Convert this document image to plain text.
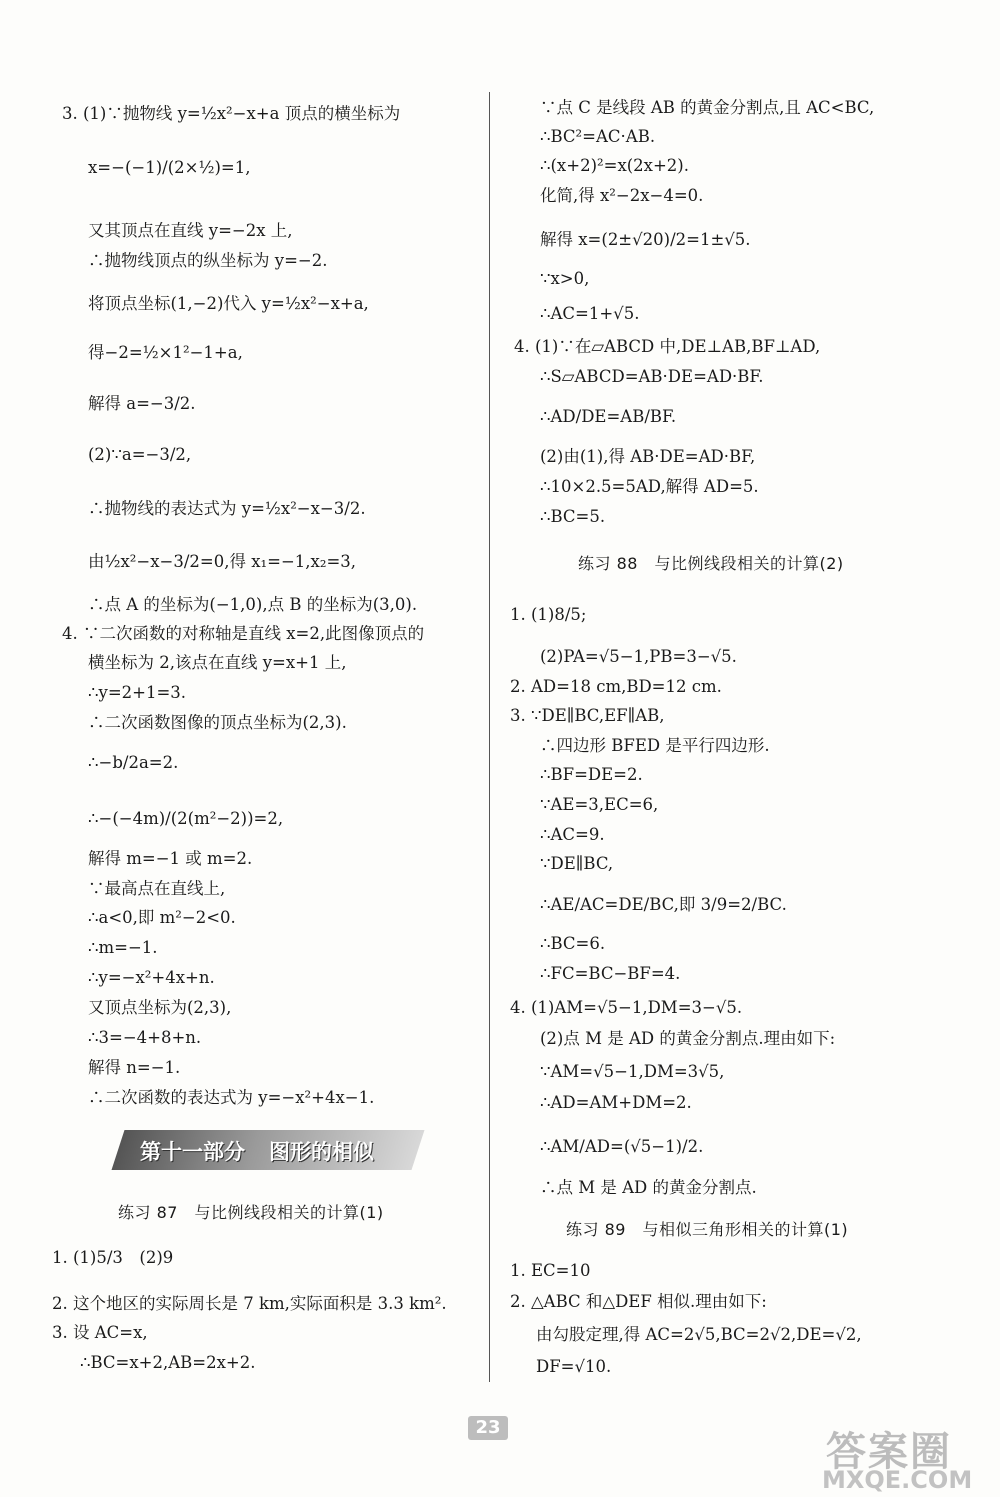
3. (1)∵抛物线 y=½x²−x+a 顶点的横坐标为
x=−(−1)/(2×½)=1,
又其顶点在直线 y=−2x 上,
∴抛物线顶点的纵坐标为 y=−2.
将顶点坐标(1,−2)代入 y=½x²−x+a,
得−2=½×1²−1+a,
解得 a=−3/2.
(2)∵a=−3/2,
∴抛物线的表达式为 y=½x²−x−3/2.
由½x²−x−3/2=0,得 x₁=−1,x₂=3,
∴点 A 的坐标为(−1,0),点 B 的坐标为(3,0).
4. ∵二次函数的对称轴是直线 x=2,此图像顶点的
横坐标为 2,该点在直线 y=x+1 上,
∴y=2+1=3.
∴二次函数图像的顶点坐标为(2,3).
∴−b/2a=2.
∴−(−4m)/(2(m²−2))=2,
解得 m=−1 或 m=2.
∵最高点在直线上,
∴a<0,即 m²−2<0.
∴m=−1.
∴y=−x²+4x+n.
又顶点坐标为(2,3),
∴3=−4+8+n.
解得 n=−1.
∴二次函数的表达式为 y=−x²+4x−1.
第十一部分 图形的相似
练习 87　与比例线段相关的计算(1)
1. (1)5/3　(2)9
2. 这个地区的实际周长是 7 km,实际面积是 3.3 km².
3. 设 AC=x,
∴BC=x+2,AB=2x+2.
∵点 C 是线段 AB 的黄金分割点,且 AC<BC,
∴BC²=AC·AB.
∴(x+2)²=x(2x+2).
化简,得 x²−2x−4=0.
解得 x=(2±√20)/2=1±√5.
∵x>0,
∴AC=1+√5.
4. (1)∵在▱ABCD 中,DE⊥AB,BF⊥AD,
∴S▱ABCD=AB·DE=AD·BF.
∴AD/DE=AB/BF.
(2)由(1),得 AB·DE=AD·BF,
∴10×2.5=5AD,解得 AD=5.
∴BC=5.
练习 88　与比例线段相关的计算(2)
1. (1)8/5;
(2)PA=√5−1,PB=3−√5.
2. AD=18 cm,BD=12 cm.
3. ∵DE∥BC,EF∥AB,
∴四边形 BFED 是平行四边形.
∴BF=DE=2.
∵AE=3,EC=6,
∴AC=9.
∵DE∥BC,
∴AE/AC=DE/BC,即 3/9=2/BC.
∴BC=6.
∴FC=BC−BF=4.
4. (1)AM=√5−1,DM=3−√5.
(2)点 M 是 AD 的黄金分割点.理由如下:
∵AM=√5−1,DM=3√5,
∴AD=AM+DM=2.
∴AM/AD=(√5−1)/2.
∴点 M 是 AD 的黄金分割点.
练习 89　与相似三角形相关的计算(1)
1. EC=10
2. △ABC 和△DEF 相似.理由如下:
由勾股定理,得 AC=2√5,BC=2√2,DE=√2,
DF=√10.
23
答案圈
MXQE.COM
